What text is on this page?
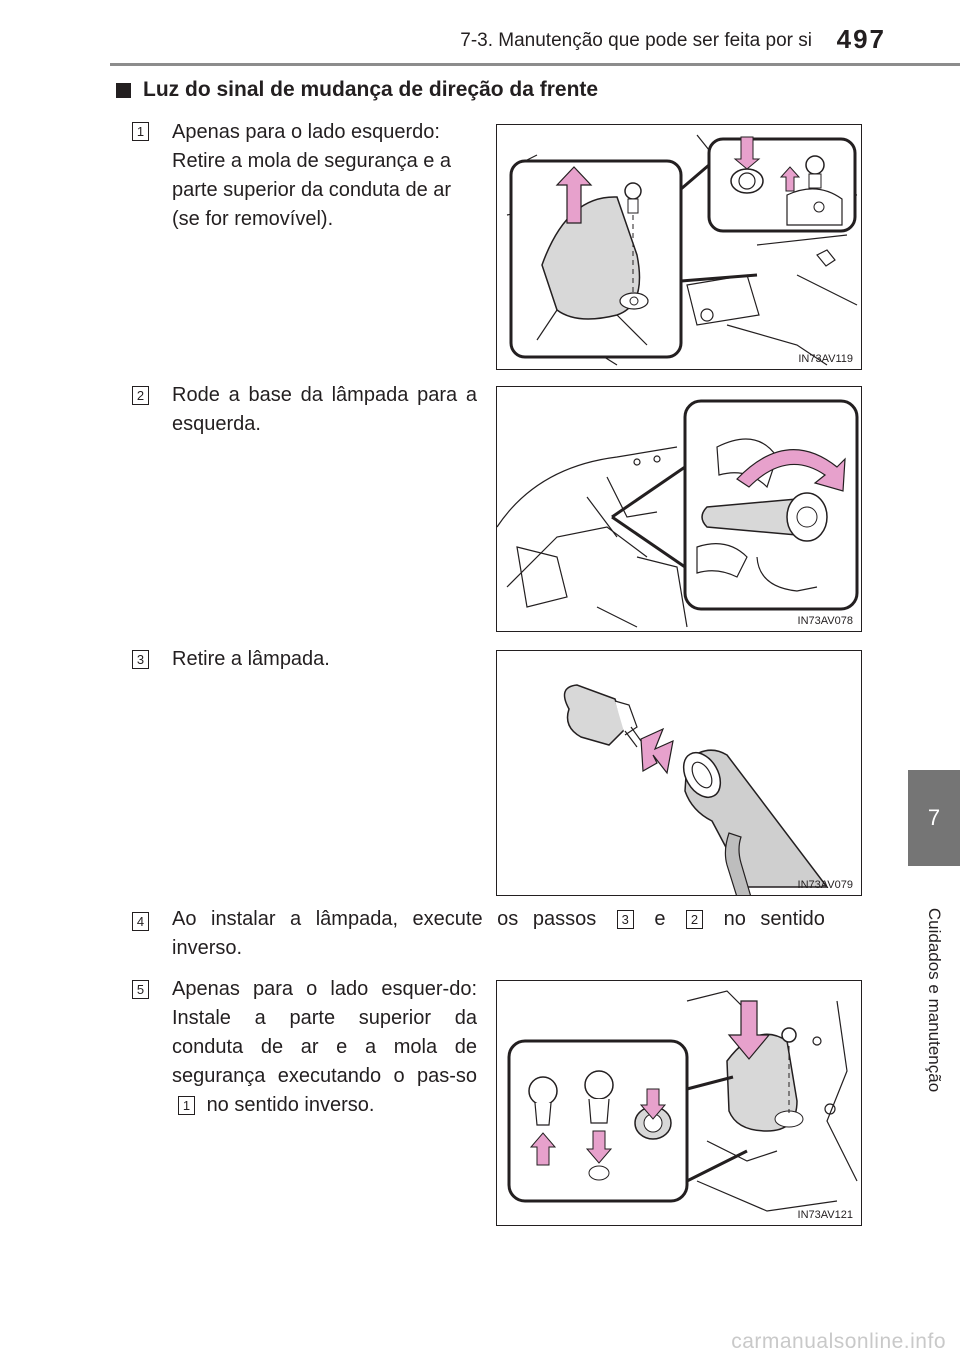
7-3. Manutenção que pode ser feita por si 497
7
Cuidados e manutenção
Luz do sinal de mudança de direção da frente
1 Apenas para o lado esquerdo: Retire a mola de segurança e a parte superior da conduta de ar (se for removível).
IN73AV119
2 Rode a base da lâmpada para a esquerda.
IN73AV078
3 Retire a lâmpada.
IN73AV079
4 Ao instalar a lâmpada, execute os passos 3 e 2 no sentido inverso.
5 Apenas para o lado esquer-do: Instale a parte superior da conduta de ar e a mola de segurança executando o pas-so 1 no sentido inverso.
IN73AV121
carmanualsonline.info
